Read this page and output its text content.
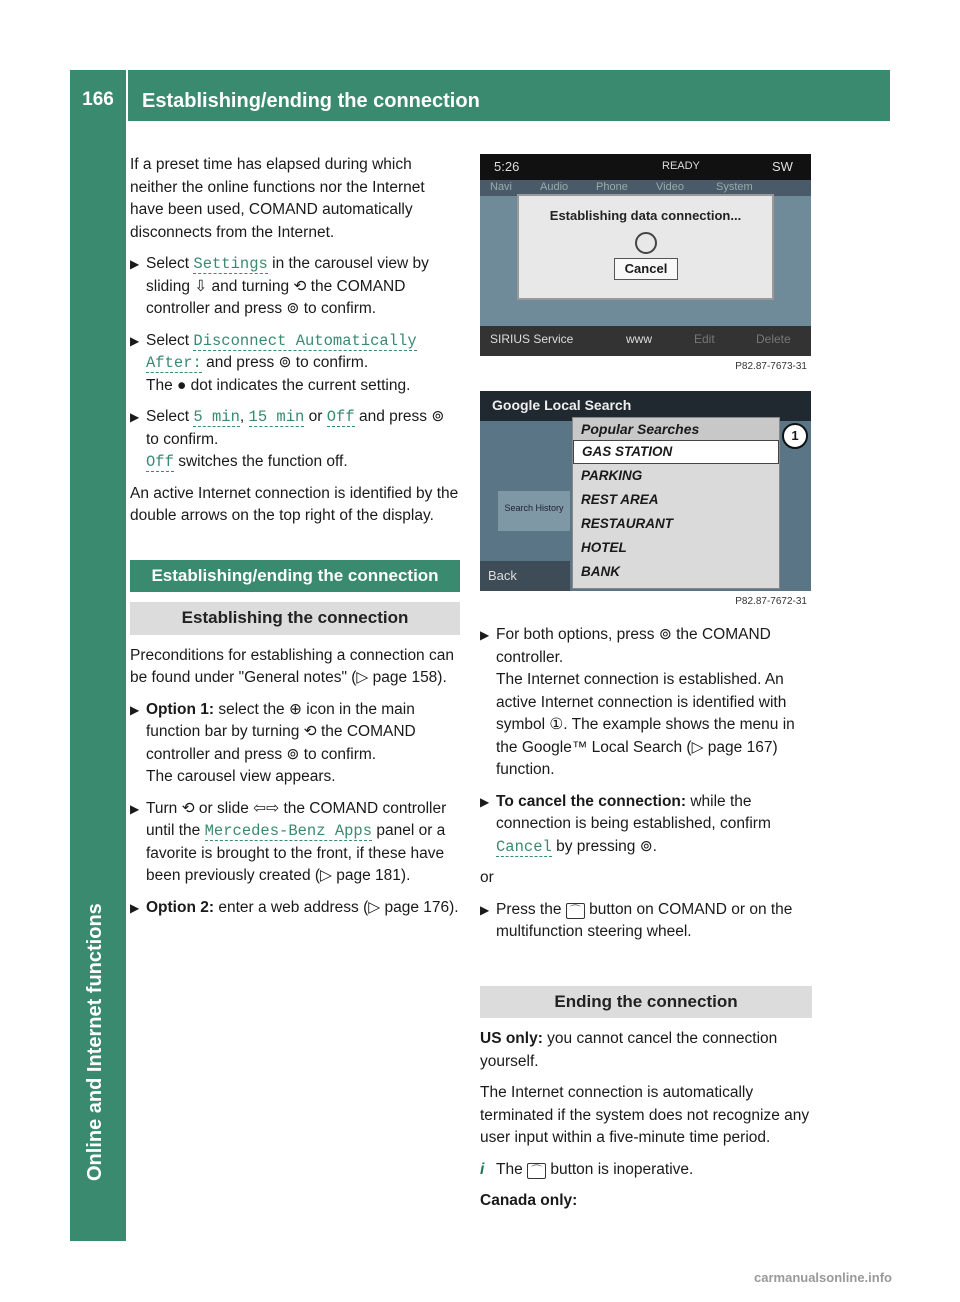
166	Establishing/ending the connection
Online and Internet functions

If a preset time has elapsed during which neither the online functions nor the Internet have been used, COMAND automatically disconnects from the Internet.

▶ Select Settings in the carousel view by sliding ⇩ and turning ⟲ the COMAND controller and press ⊚ to confirm.
▶ Select Disconnect Automatically After: and press ⊚ to confirm.
The ● dot indicates the current setting.
▶ Select 5 min, 15 min or Off and press ⊚ to confirm.
Off switches the function off.

An active Internet connection is identified by the double arrows on the top right of the display.

Establishing/ending the connection
Establishing the connection

Preconditions for establishing a connection can be found under "General notes" (▷ page 158).

▶ Option 1: select the ⊕ icon in the main function bar by turning ⟲ the COMAND controller and press ⊚ to confirm.
The carousel view appears.
▶ Turn ⟲ or slide ⇦⇨ the COMAND controller until the Mercedes-Benz Apps panel or a favorite is brought to the front, if these have been previously created (▷ page 181).
▶ Option 2: enter a web address (▷ page 176).
5:26	READY	SW
Navi	Audio	Phone	Video	System
Establishing data connection...
Cancel
SIRIUS Service	www	Edit	Delete
P82.87-7673-31
Google Local Search
Search History
Popular Searches
GAS STATION
PARKING
REST AREA
RESTAURANT
HOTEL
BANK
1
Back
P82.87-7672-31
▶ For both options, press ⊚ the COMAND controller.
The Internet connection is established. An active Internet connection is identified with symbol ①. The example shows the menu in the Google™ Local Search (▷ page 167) function.
▶ To cancel the connection: while the connection is being established, confirm Cancel by pressing ⊚.

or

▶ Press the ⌒ button on COMAND or on the multifunction steering wheel.
Ending the connection

US only: you cannot cancel the connection yourself.

The Internet connection is automatically terminated if the system does not recognize any user input within a five-minute time period.

i The ⌒ button is inoperative.

Canada only:

carmanualsonline.info
